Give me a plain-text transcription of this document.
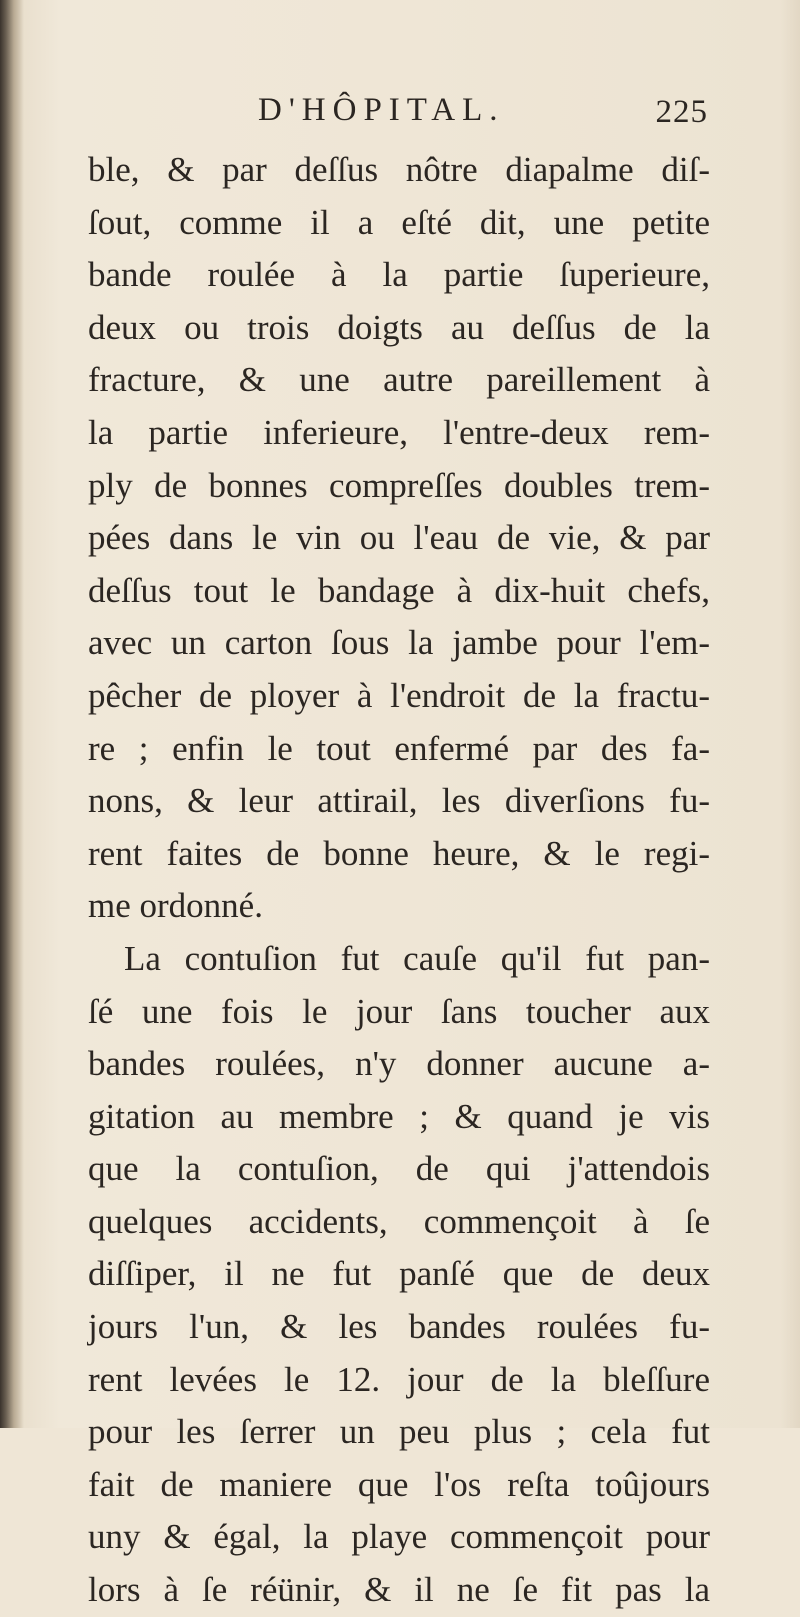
D'HÔPITAL.	225
ble, & par deſſus nôtre diapalme diſ-
ſout, comme il a eſté dit, une petite
bande roulée à la partie ſuperieure,
deux ou trois doigts au deſſus de la
fracture, & une autre pareillement à
la partie inferieure, l'entre-deux rem-
ply de bonnes compreſſes doubles trem-
pées dans le vin ou l'eau de vie, & par
deſſus tout le bandage à dix-huit chefs,
avec un carton ſous la jambe pour l'em-
pêcher de ployer à l'endroit de la fractu-
re ; enfin le tout enfermé par des fa-
nons, & leur attirail, les diverſions fu-
rent faites de bonne heure, & le regi-
me ordonné.
La contuſion fut cauſe qu'il fut pan-
ſé une fois le jour ſans toucher aux
bandes roulées, n'y donner aucune a-
gitation au membre ; & quand je vis
que la contuſion, de qui j'attendois
quelques accidents, commençoit à ſe
diſſiper, il ne fut panſé que de deux
jours l'un, & les bandes roulées fu-
rent levées le 12. jour de la bleſſure
pour les ſerrer un peu plus ; cela fut
fait de maniere que l'os reſta toûjours
uny & égal, la playe commençoit pour
lors à ſe réünir, & il ne ſe fit pas la
